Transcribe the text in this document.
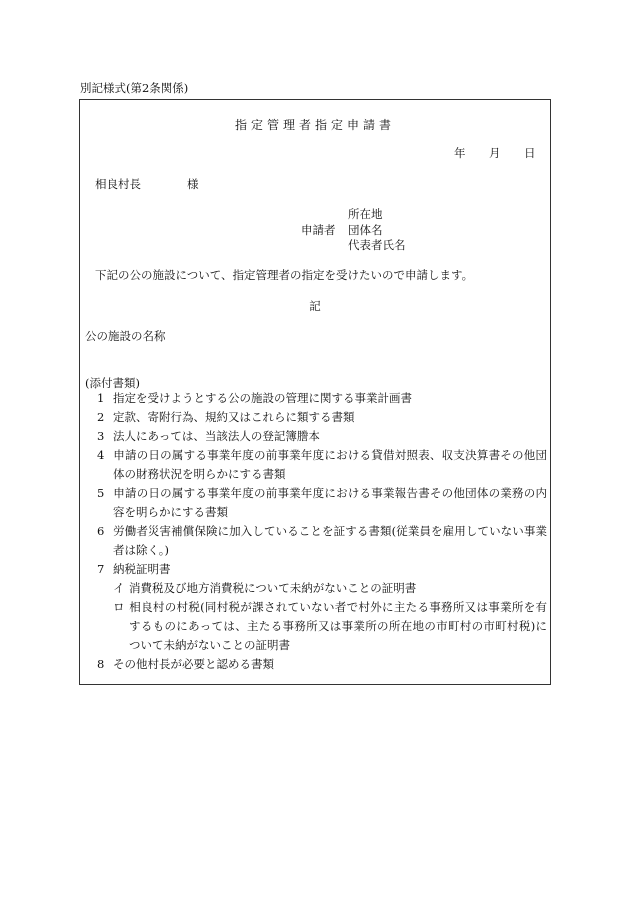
別記様式(第2条関係)
指定管理者指定申請書
年 月 日
相良村長	様
所在地
申請者 団体名
代表者氏名
下記の公の施設について、指定管理者の指定を受けたいので申請します。
記
公の施設の名称
(添付書類)
1 指定を受けようとする公の施設の管理に関する事業計画書
2 定款、寄附行為、規約又はこれらに類する書類
3 法人にあっては、当該法人の登記簿謄本
4 申請の日の属する事業年度の前事業年度における貸借対照表、収支決算書その他団体の財務状況を明らかにする書類
5 申請の日の属する事業年度の前事業年度における事業報告書その他団体の業務の内容を明らかにする書類
6 労働者災害補償保険に加入していることを証する書類(従業員を雇用していない事業者は除く。)
7 納税証明書
イ 消費税及び地方消費税について未納がないことの証明書
ロ 相良村の村税(同村税が課されていない者で村外に主たる事務所又は事業所を有するものにあっては、主たる事務所又は事業所の所在地の市町村の市町村税)について未納がないことの証明書
8 その他村長が必要と認める書類
